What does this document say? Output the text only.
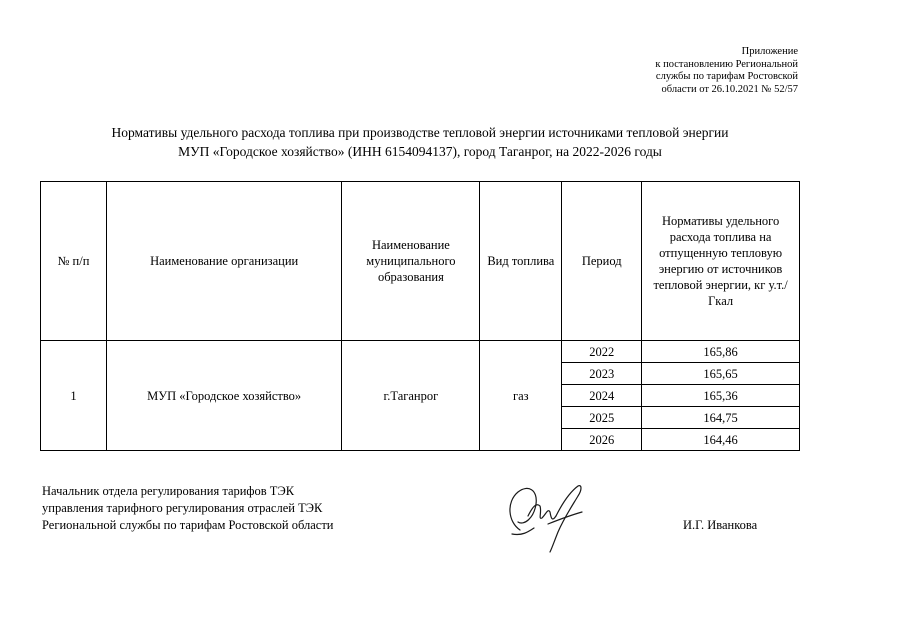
Приложение
к постановлению Региональной
службы по тарифам Ростовской
области от 26.10.2021 № 52/57
Нормативы удельного расхода топлива при производстве тепловой энергии источниками тепловой энергии
МУП «Городское хозяйство» (ИНН 6154094137), город Таганрог, на 2022-2026 годы
№ п/п	Наименование организации	Наименование муниципального образования	Вид топлива	Период	Нормативы удельного расхода топлива на отпущенную тепловую энергию от источников тепловой энергии, кг у.т./Гкал
1	МУП «Городское хозяйство»	г.Таганрог	газ	2022	165,86
				2023	165,65
				2024	165,36
				2025	164,75
				2026	164,46
Начальник отдела регулирования тарифов ТЭК
управления тарифного регулирования отраслей ТЭК
Региональной службы по тарифам Ростовской области	И.Г. Иванкова
